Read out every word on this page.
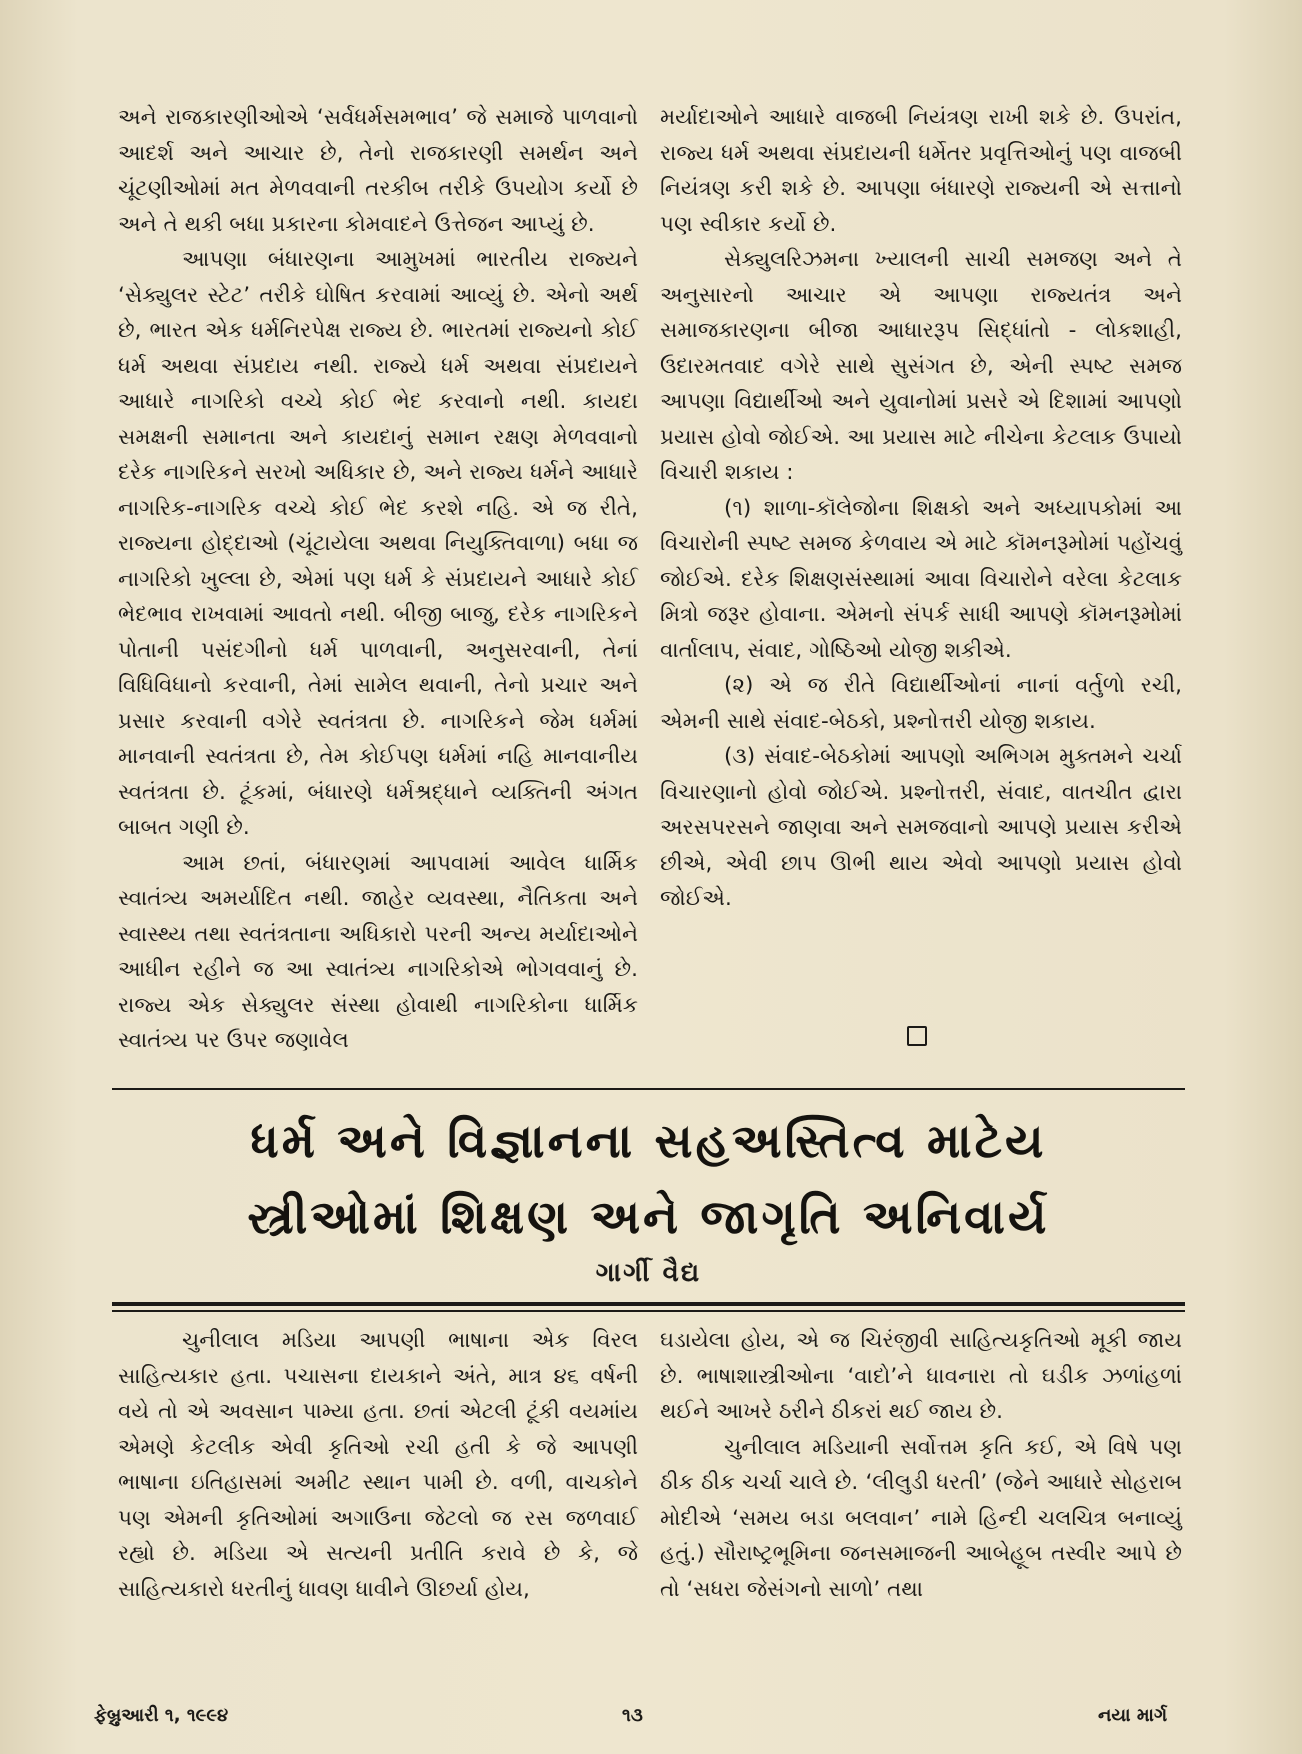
અને રાજકારણીઓએ ‘સર્વધર્મસમભાવ’ જે સમાજે પાળવાનો આદર્શ અને આચાર છે, તેનો રાજકારણી સમર્થન અને ચૂંટણીઓમાં મત મેળવવાની તરકીબ તરીકે ઉપયોગ કર્યો છે અને તે થકી બધા પ્રકારના કોમવાદને ઉત્તેજન આપ્યું છે.

આપણા બંધારણના આમુખમાં ભારતીય રાજ્યને ‘સેક્યુલર સ્ટેટ’ તરીકે ઘોષિત કરવામાં આવ્યું છે. એનો અર્થ છે, ભારત એક ધર્મનિરપેક્ષ રાજ્ય છે. ભારતમાં રાજ્યનો કોઈ ધર્મ અથવા સંપ્રદાય નથી. રાજ્યે ધર્મ અથવા સંપ્રદાયને આધારે નાગરિકો વચ્ચે કોઈ ભેદ કરવાનો નથી. કાયદા સમક્ષની સમાનતા અને કાયદાનું સમાન રક્ષણ મેળવવાનો દરેક નાગરિકને સરખો અધિકાર છે, અને રાજ્ય ધર્મને આધારે નાગરિક-નાગરિક વચ્ચે કોઈ ભેદ કરશે નહિ. એ જ રીતે, રાજ્યના હોદ્દાઓ (ચૂંટાયેલા અથવા નિયુક્તિવાળા) બધા જ નાગરિકો ખુલ્લા છે, એમાં પણ ધર્મ કે સંપ્રદાયને આધારે કોઈ ભેદભાવ રાખવામાં આવતો નથી. બીજી બાજુ, દરેક નાગરિકને પોતાની પસંદગીનો ધર્મ પાળવાની, અનુસરવાની, તેનાં વિધિવિધાનો કરવાની, તેમાં સામેલ થવાની, તેનો પ્રચાર અને પ્રસાર કરવાની વગેરે સ્વતંત્રતા છે. નાગરિકને જેમ ધર્મમાં માનવાની સ્વતંત્રતા છે, તેમ કોઈપણ ધર્મમાં નહિ માનવાનીય સ્વતંત્રતા છે. ટૂંકમાં, બંધારણે ધર્મશ્રદ્ધાને વ્યક્તિની અંગત બાબત ગણી છે.

આમ છતાં, બંધારણમાં આપવામાં આવેલ ધાર્મિક સ્વાતંત્ર્ય અમર્યાદિત નથી. જાહેર વ્યવસ્થા, નૈતિકતા અને સ્વાસ્થ્ય તથા સ્વતંત્રતાના અધિકારો પરની અન્ય મર્યાદાઓને આધીન રહીને જ આ સ્વાતંત્ર્ય નાગરિકોએ ભોગવવાનું છે. રાજ્ય એક સેક્યુલર સંસ્થા હોવાથી નાગરિકોના ધાર્મિક સ્વાતંત્ર્ય પર ઉપર જણાવેલ

મર્યાદાઓને આધારે વાજબી નિયંત્રણ રાખી શકે છે. ઉપરાંત, રાજ્ય ધર્મ અથવા સંપ્રદાયની ધર્મેતર પ્રવૃત્તિઓનું પણ વાજબી નિયંત્રણ કરી શકે છે. આપણા બંધારણે રાજ્યની એ સત્તાનો પણ સ્વીકાર કર્યો છે.

સેક્યુલરિઝમના ખ્યાલની સાચી સમજણ અને તે અનુસારનો આચાર એ આપણા રાજ્યતંત્ર અને સમાજકારણના બીજા આધારરૂપ સિદ્ધાંતો - લોકશાહી, ઉદારમતવાદ વગેરે સાથે સુસંગત છે, એની સ્પષ્ટ સમજ આપણા વિદ્યાર્થીઓ અને યુવાનોમાં પ્રસરે એ દિશામાં આપણો પ્રયાસ હોવો જોઈએ. આ પ્રયાસ માટે નીચેના કેટલાક ઉપાયો વિચારી શકાય :

(૧) શાળા-કૉલેજોના શિક્ષકો અને અધ્યાપકોમાં આ વિચારોની સ્પષ્ટ સમજ કેળવાય એ માટે કૉમનરૂમોમાં પહોંચવું જોઈએ. દરેક શિક્ષણસંસ્થામાં આવા વિચારોને વરેલા કેટલાક મિત્રો જરૂર હોવાના. એમનો સંપર્ક સાધી આપણે કૉમનરૂમોમાં વાર્તાલાપ, સંવાદ, ગોષ્ઠિઓ યોજી શકીએ.

(૨) એ જ રીતે વિદ્યાર્થીઓનાં નાનાં વર્તુળો રચી, એમની સાથે સંવાદ-બેઠકો, પ્રશ્નોત્તરી યોજી શકાય.

(૩) સંવાદ-બેઠકોમાં આપણો અભિગમ મુક્તમને ચર્ચા વિચારણાનો હોવો જોઈએ. પ્રશ્નોત્તરી, સંવાદ, વાતચીત દ્વારા અરસપરસને જાણવા અને સમજવાનો આપણે પ્રયાસ કરીએ છીએ, એવી છાપ ઊભી થાય એવો આપણો પ્રયાસ હોવો જોઈએ.

ધર્મ અને વિજ્ઞાનના સહઅસ્તિત્વ માટેય
સ્ત્રીઓમાં શિક્ષણ અને જાગૃતિ અનિવાર્ય
ગાર્ગી વૈદ્ય

ચુનીલાલ મડિયા આપણી ભાષાના એક વિરલ સાહિત્યકાર હતા. પચાસના દાયકાને અંતે, માત્ર ૪૬ વર્ષની વયે તો એ અવસાન પામ્યા હતા. છતાં એટલી ટૂંકી વયમાંય એમણે કેટલીક એવી કૃતિઓ રચી હતી કે જે આપણી ભાષાના ઇતિહાસમાં અમીટ સ્થાન પામી છે. વળી, વાચકોને પણ એમની કૃતિઓમાં અગાઉના જેટલો જ રસ જળવાઈ રહ્યો છે. મડિયા એ સત્યની પ્રતીતિ કરાવે છે કે, જે સાહિત્યકારો ધરતીનું ધાવણ ધાવીને ઊછર્યા હોય,

ઘડાયેલા હોય, એ જ ચિરંજીવી સાહિત્યકૃતિઓ મૂકી જાય છે. ભાષાશાસ્ત્રીઓના ‘વાદો’ને ધાવનારા તો ઘડીક ઝળાંહળાં થઈને આખરે ઠરીને ઠીકરાં થઈ જાય છે.

ચુનીલાલ મડિયાની સર્વોત્તમ કૃતિ કઈ, એ વિષે પણ ઠીક ઠીક ચર્ચા ચાલે છે. ‘લીલુડી ધરતી’ (જેને આધારે સોહરાબ મોદીએ ‘સમય બડા બલવાન’ નામે હિન્દી ચલચિત્ર બનાવ્યું હતું.) સૌરાષ્ટ્રભૂમિના જનસમાજની આબેહૂબ તસ્વીર આપે છે તો ‘સધરા જેસંગનો સાળો’ તથા

ફેબ્રુઆરી ૧, ૧૯૯૪	૧૩	નયા માર્ગ
